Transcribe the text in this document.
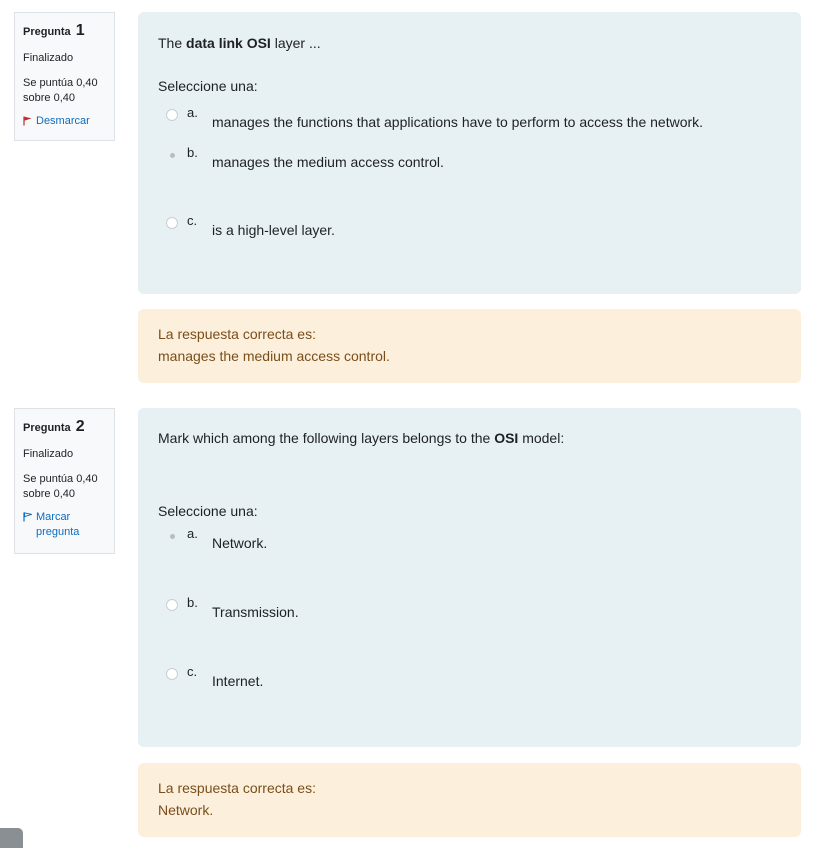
Pregunta 1
Finalizado
Se puntúa 0,40 sobre 0,40
Desmarcar
The data link OSI layer ...
Seleccione una:
a.
manages the functions that applications have to perform to access the network.
b.
manages the medium access control.
c.
is a high-level layer.
La respuesta correcta es:
manages the medium access control.
Pregunta 2
Finalizado
Se puntúa 0,40 sobre 0,40
Marcar pregunta
Mark which among the following layers belongs to the OSI model:
Seleccione una:
a.
Network.
b.
Transmission.
c.
Internet.
La respuesta correcta es:
Network.
